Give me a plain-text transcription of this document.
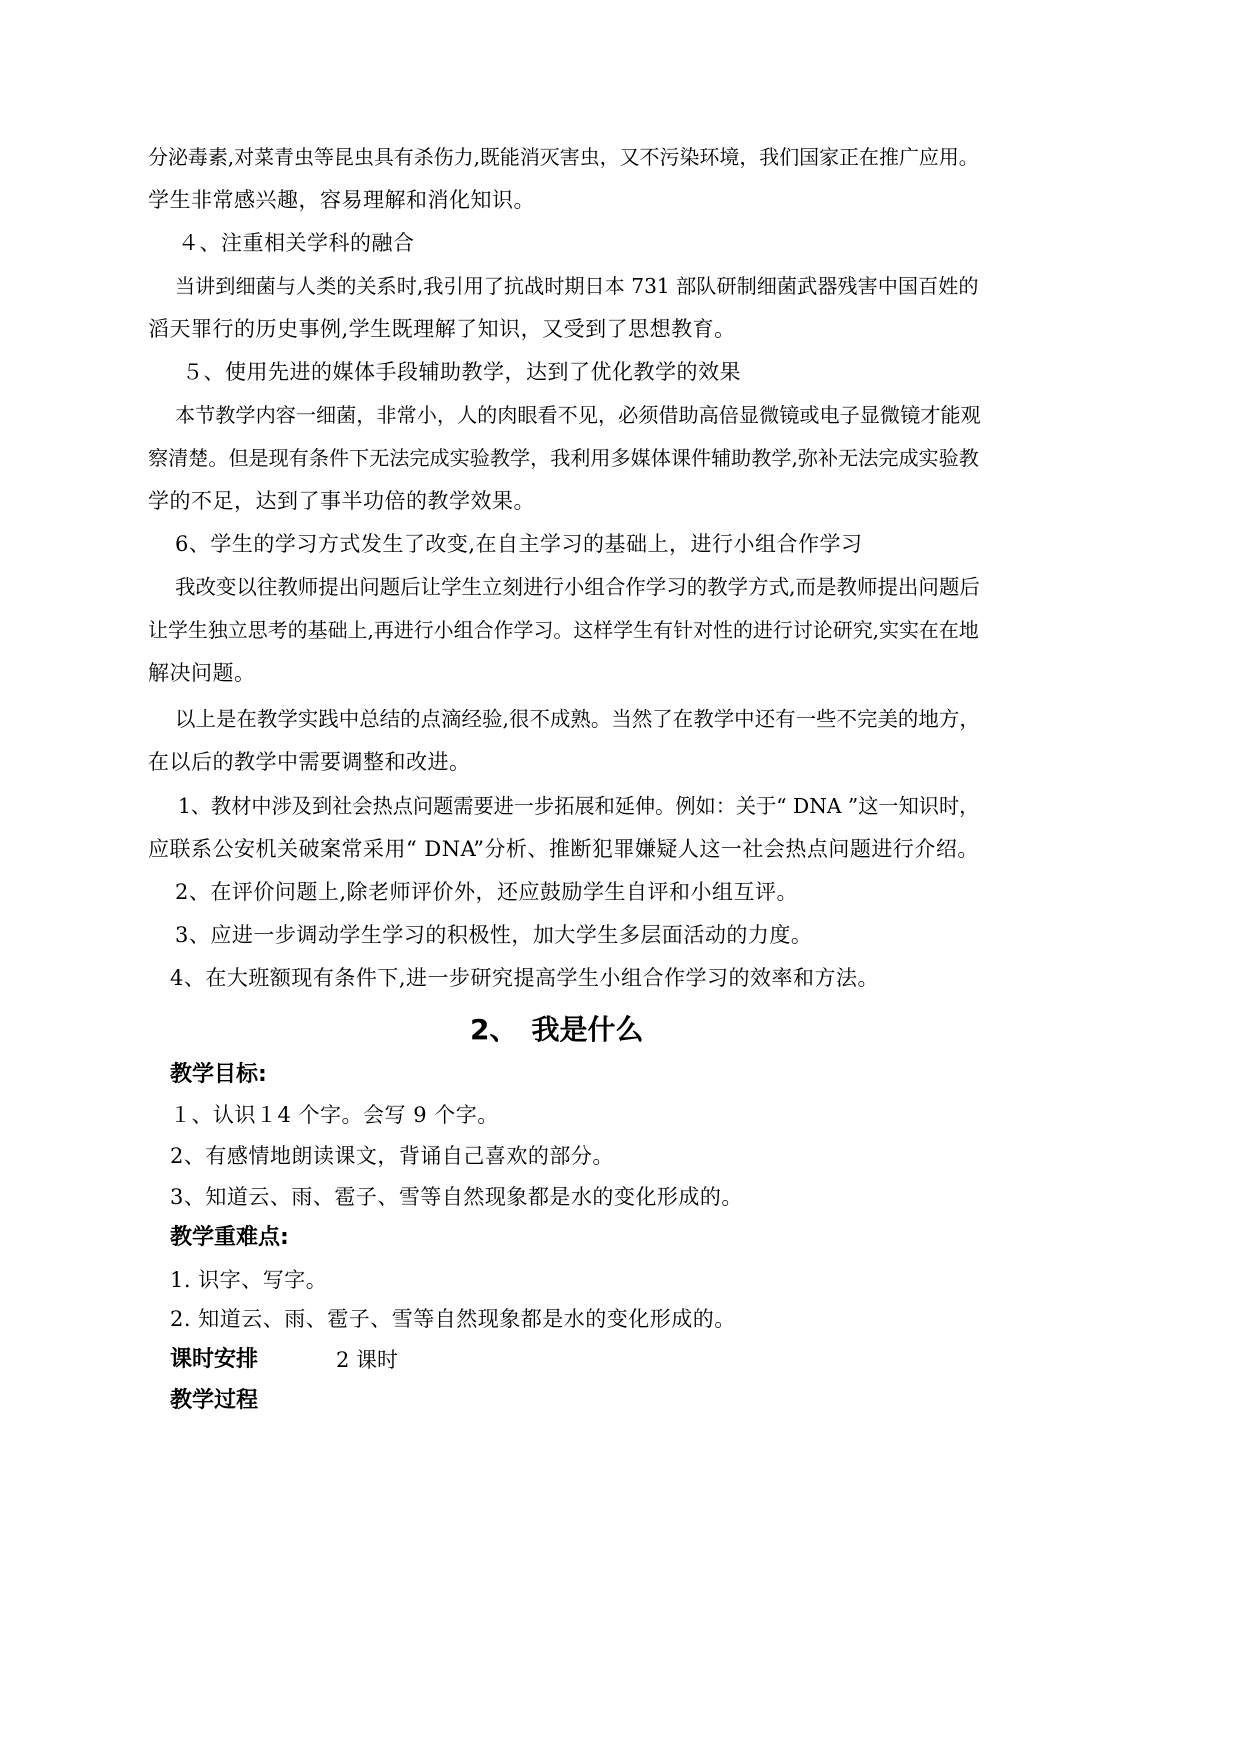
分泌毒素,对菜青虫等昆虫具有杀伤力,既能消灭害虫，又不污染环境，我们国家正在推广应用。
学生非常感兴趣，容易理解和消化知识。
４、注重相关学科的融合
当讲到细菌与人类的关系时,我引用了抗战时期日本 731 部队研制细菌武器残害中国百姓的
滔天罪行的历史事例,学生既理解了知识，又受到了思想教育。
５、使用先进的媒体手段辅助教学，达到了优化教学的效果
本节教学内容一细菌，非常小，人的肉眼看不见，必须借助高倍显微镜或电子显微镜才能观
察清楚。但是现有条件下无法完成实验教学，我利用多媒体课件辅助教学,弥补无法完成实验教
学的不足，达到了事半功倍的教学效果。
6、学生的学习方式发生了改变,在自主学习的基础上，进行小组合作学习
我改变以往教师提出问题后让学生立刻进行小组合作学习的教学方式,而是教师提出问题后
让学生独立思考的基础上,再进行小组合作学习。这样学生有针对性的进行讨论研究,实实在在地
解决问题。
以上是在教学实践中总结的点滴经验,很不成熟。当然了在教学中还有一些不完美的地方，
在以后的教学中需要调整和改进。
1、教材中涉及到社会热点问题需要进一步拓展和延伸。例如：关于“ DNA ”这一知识时，
应联系公安机关破案常采用“ DNA”分析、推断犯罪嫌疑人这一社会热点问题进行介绍。
2、在评价问题上,除老师评价外，还应鼓励学生自评和小组互评。
3、应进一步调动学生学习的积极性，加大学生多层面活动的力度。
4、在大班额现有条件下,进一步研究提高学生小组合作学习的效率和方法。
2、　我是什么
教学目标:
１、认识１4 个字。会写 9 个字。
2、有感情地朗读课文，背诵自己喜欢的部分。
3、知道云、雨、雹子、雪等自然现象都是水的变化形成的。
教学重难点:
1. 识字、写字。
2. 知道云、雨、雹子、雪等自然现象都是水的变化形成的。
课时安排	2 课时
教学过程
